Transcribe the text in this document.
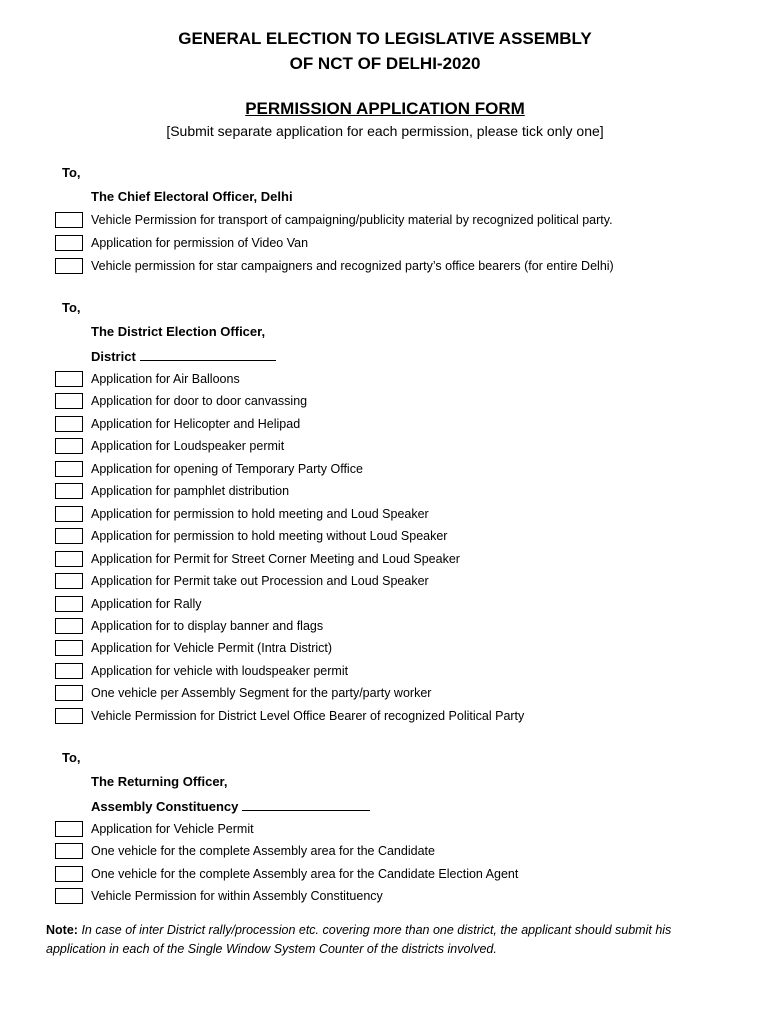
GENERAL ELECTION TO LEGISLATIVE ASSEMBLY
OF NCT OF DELHI-2020
PERMISSION APPLICATION FORM
[Submit separate application for each permission, please tick only one]
To,
The Chief Electoral Officer, Delhi
Vehicle Permission for transport of campaigning/publicity material by recognized political party.
Application for permission of Video Van
Vehicle permission for star campaigners and recognized party’s office bearers (for entire Delhi)
To,
The District Election Officer,
District
Application for Air Balloons
Application for door to door canvassing
Application for Helicopter and Helipad
Application for Loudspeaker permit
Application for opening of Temporary Party Office
Application for pamphlet distribution
Application for permission to hold meeting and Loud Speaker
Application for permission to hold meeting without Loud Speaker
Application for Permit for Street Corner Meeting and Loud Speaker
Application for Permit take out Procession and Loud Speaker
Application for Rally
Application for to display banner and flags
Application for Vehicle Permit (Intra District)
Application for vehicle with loudspeaker permit
One vehicle per Assembly Segment for the party/party worker
Vehicle Permission for District Level Office Bearer of recognized Political Party
To,
The Returning Officer,
Assembly Constituency
Application for Vehicle Permit
One vehicle for the complete Assembly area for the Candidate
One vehicle for the complete Assembly area for the Candidate Election Agent
Vehicle Permission for within Assembly Constituency
Note: In case of inter District rally/procession etc. covering more than one district, the applicant should submit his application in each of the Single Window System Counter of the districts involved.
